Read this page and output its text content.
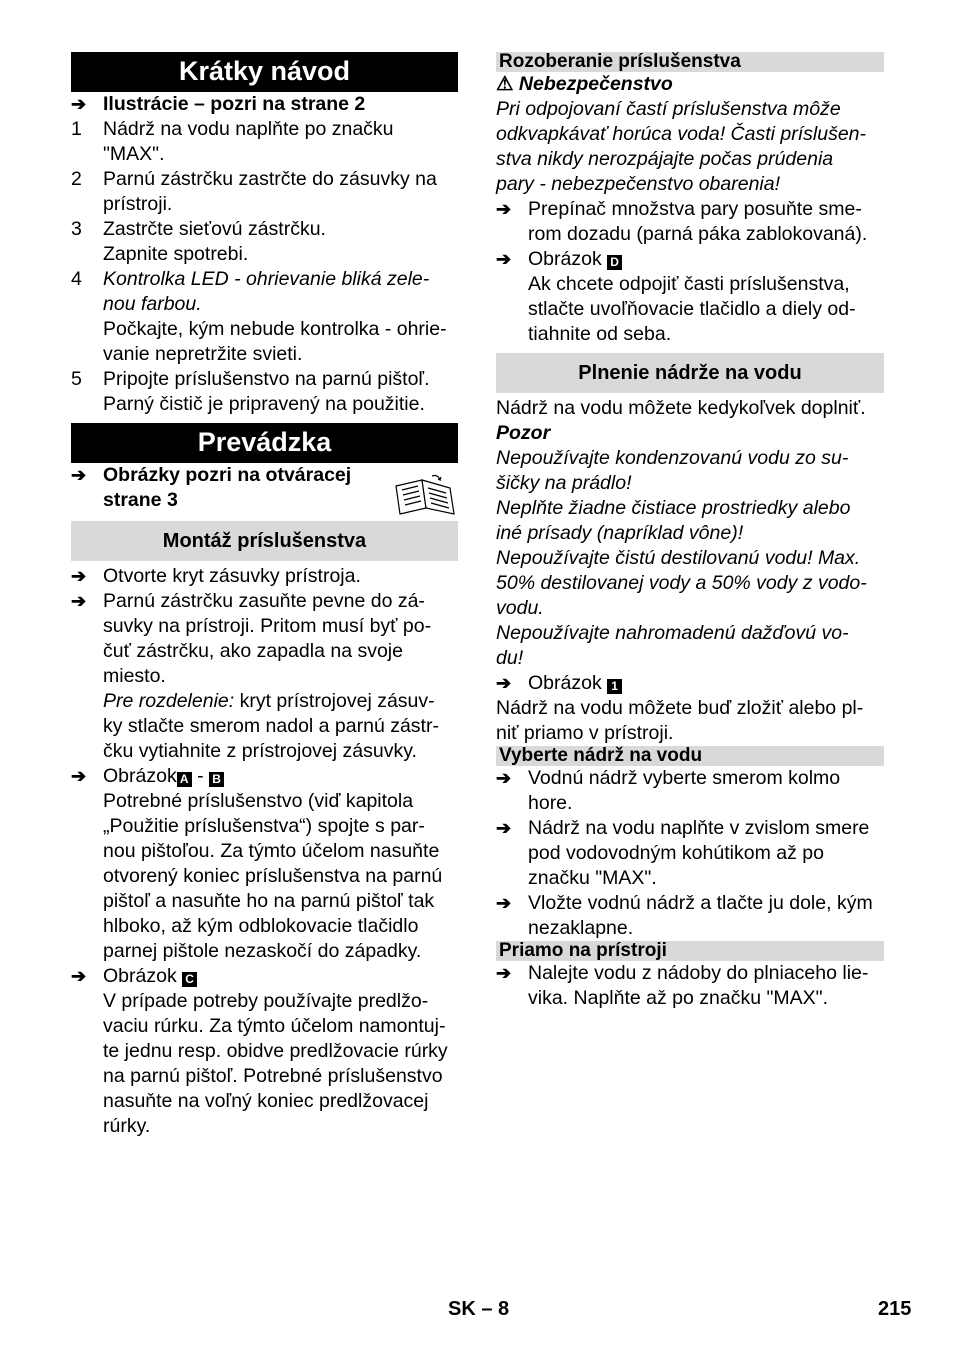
Krátky návod
➔ Ilustrácie – pozri na strane 2
1 Nádrž na vodu naplňte po značku
"MAX".
2 Parnú zástrčku zastrčte do zásuvky na
prístroji.
3 Zastrčte sieťovú zástrčku.
Zapnite spotrebi.
4 Kontrolka LED - ohrievanie bliká zele-
nou farbou.
Počkajte, kým nebude kontrolka - ohrie-
vanie nepretržite svieti.
5 Pripojte príslušenstvo na parnú pištoľ.
Parný čistič je pripravený na použitie.
Prevádzka
➔ Obrázky pozri na otváracej
strane 3
Montáž príslušenstva
➔ Otvorte kryt zásuvky prístroja.
➔ Parnú zástrčku zasuňte pevne do zá-
suvky na prístroji. Pritom musí byť po-
čuť zástrčku, ako zapadla na svoje
miesto.
Pre rozdelenie: kryt prístrojovej zásuv-
ky stlačte smerom nadol a parnú zástr-
čku vytiahnite z prístrojovej zásuvky.
➔ Obrázok A - B
Potrebné príslušenstvo (viď kapitola
„Použitie príslušenstva“) spojte s par-
nou pištoľou. Za týmto účelom nasuňte
otvorený koniec príslušenstva na parnú
pištoľ a nasuňte ho na parnú pištoľ tak
hlboko, až kým odblokovacie tlačidlo
parnej pištole nezaskočí do západky.
➔ Obrázok C
V prípade potreby používajte predlžo-
vaciu rúrku. Za týmto účelom namontuj-
te jednu resp. obidve predlžovacie rúrky
na parnú pištoľ. Potrebné príslušenstvo
nasuňte na voľný koniec predlžovacej
rúrky.
Rozoberanie príslušenstva
⚠ Nebezpečenstvo
Pri odpojovaní častí príslušenstva môže
odkvapkávať horúca voda! Časti príslušen-
stva nikdy nerozpájajte počas prúdenia
pary - nebezpečenstvo obarenia!
➔ Prepínač množstva pary posuňte sme-
rom dozadu (parná páka zablokovaná).
➔ Obrázok D
Ak chcete odpojiť časti príslušenstva,
stlačte uvoľňovacie tlačidlo a diely od-
tiahnite od seba.
Plnenie nádrže na vodu
Nádrž na vodu môžete kedykoľvek doplniť.
Pozor
Nepoužívajte kondenzovanú vodu zo su-
šičky na prádlo!
Neplňte žiadne čistiace prostriedky alebo
iné prísady (napríklad vône)!
Nepoužívajte čistú destilovanú vodu! Max.
50% destilovanej vody a 50% vody z vodo-
vodu.
Nepoužívajte nahromadenú dažďovú vo-
du!
➔ Obrázok 1
Nádrž na vodu môžete buď zložiť alebo pl-
niť priamo v prístroji.
Vyberte nádrž na vodu
➔ Vodnú nádrž vyberte smerom kolmo
hore.
➔ Nádrž na vodu naplňte v zvislom smere
pod vodovodným kohútikom až po
značku "MAX".
➔ Vložte vodnú nádrž a tlačte ju dole, kým
nezaklapne.
Priamo na prístroji
➔ Nalejte vodu z nádoby do plniaceho lie-
vika. Naplňte až po značku "MAX".
SK – 8	215
